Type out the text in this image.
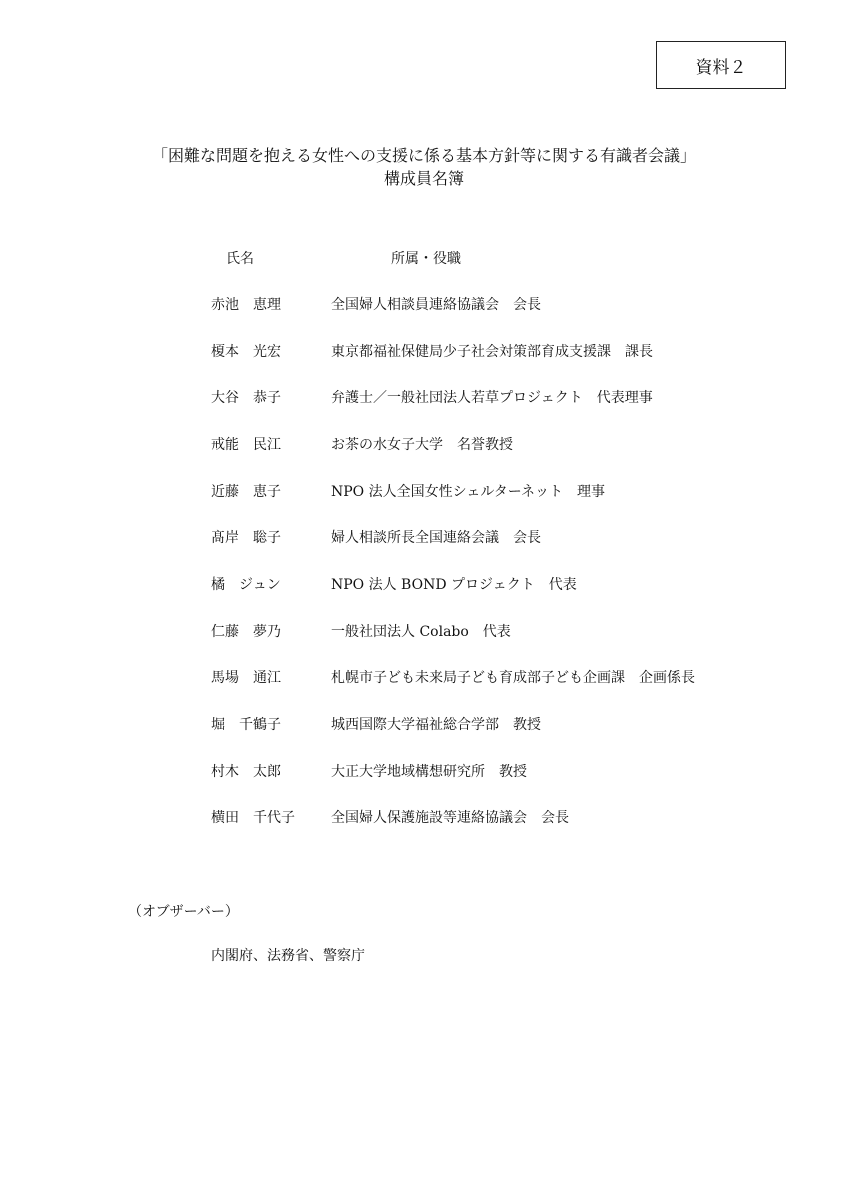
資料２
「困難な問題を抱える女性への支援に係る基本方針等に関する有識者会議」
構成員名簿
氏名	所属・役職
赤池　恵理	全国婦人相談員連絡協議会　会長
榎本　光宏	東京都福祉保健局少子社会対策部育成支援課　課長
大谷　恭子	弁護士／一般社団法人若草プロジェクト　代表理事
戒能　民江	お茶の水女子大学　名誉教授
近藤　恵子	NPO 法人全国女性シェルターネット　理事
髙岸　聡子	婦人相談所長全国連絡会議　会長
橘　ジュン	NPO 法人 BOND プロジェクト　代表
仁藤　夢乃	一般社団法人 Colabo　代表
馬場　通江	札幌市子ども未来局子ども育成部子ども企画課　企画係長
堀　千鶴子	城西国際大学福祉総合学部　教授
村木　太郎	大正大学地域構想研究所　教授
横田　千代子	全国婦人保護施設等連絡協議会　会長
（オブザーバー）
内閣府、法務省、警察庁
